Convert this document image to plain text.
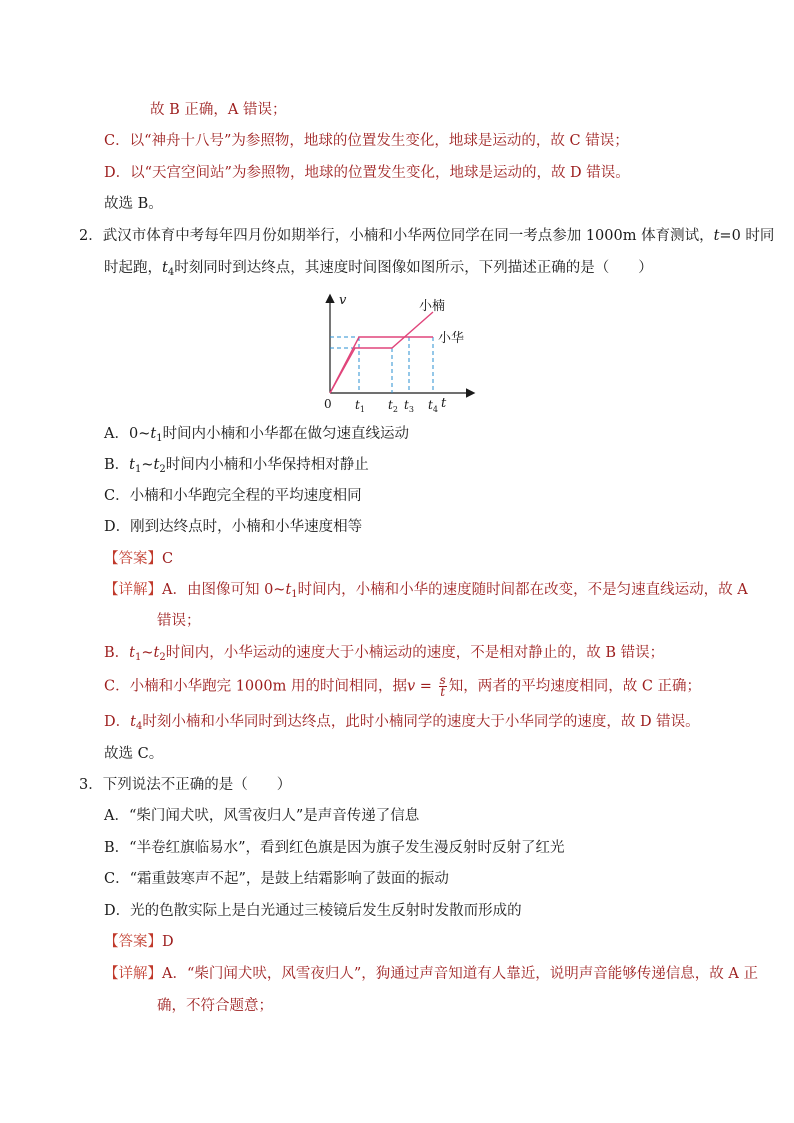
故 B 正确，A 错误；
C．以“神舟十八号”为参照物，地球的位置发生变化，地球是运动的，故 C 错误；
D．以“天宫空间站”为参照物，地球的位置发生变化，地球是运动的，故 D 错误。
故选 B。
2．武汉市体育中考每年四月份如期举行，小楠和小华两位同学在同一考点参加 1000m 体育测试，t=0 时同
时起跑，$t_4$时刻同时到达终点，其速度时间图像如图所示，下列描述正确的是（　　）
v
0 $t_1$ $t_2$ $t_3$ $t_4$ t
小楠
小华
A．$0\sim t_1$时间内小楠和小华都在做匀速直线运动
B．$t_1\sim t_2$时间内小楠和小华保持相对静止
C．小楠和小华跑完全程的平均速度相同
D．刚到达终点时，小楠和小华速度相等
【答案】C
【详解】A．由图像可知 $0\sim t_1$时间内，小楠和小华的速度随时间都在改变，不是匀速直线运动，故 A
错误；
B．$t_1\sim t_2$时间内，小华运动的速度大于小楠运动的速度，不是相对静止的，故 B 错误；
C．小楠和小华跑完 1000m 用的时间相同，据$v = \frac{s}{t}$ 知，两者的平均速度相同，故 C 正确；
D．$t_4$时刻小楠和小华同时到达终点，此时小楠同学的速度大于小华同学的速度，故 D 错误。
故选 C。
3．下列说法不正确的是（　　）
A．“柴门闻犬吠，风雪夜归人”是声音传递了信息
B．“半卷红旗临易水”，看到红色旗是因为旗子发生漫反射时反射了红光
C．“霜重鼓寒声不起”，是鼓上结霜影响了鼓面的振动
D．光的色散实际上是白光通过三棱镜后发生反射时发散而形成的
【答案】D
【详解】A．“柴门闻犬吠，风雪夜归人”，狗通过声音知道有人靠近，说明声音能够传递信息，故 A 正
确，不符合题意；
